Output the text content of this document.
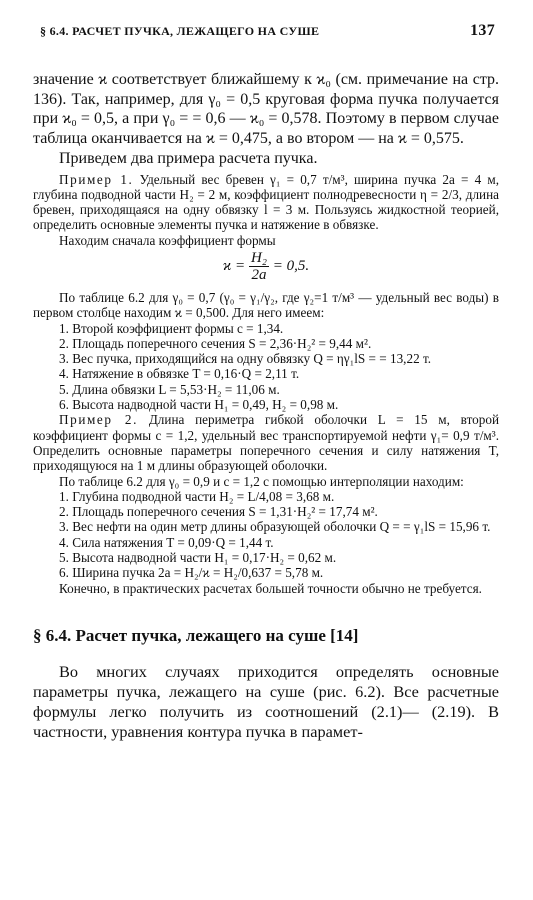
§ 6.4. РАСЧЕТ ПУЧКА, ЛЕЖАЩЕГО НА СУШЕ	137

значение ϰ соответствует ближайшему к ϰ₀ (см. примечание на стр. 136). Так, например, для γ₀ = 0,5 круговая форма пучка получается при ϰ₀ = 0,5, а при γ₀ = = 0,6 — ϰ₀ = 0,578. Поэтому в первом случае таблица оканчивается на ϰ = 0,475, а во втором — на ϰ = 0,575.

Приведем два примера расчета пучка.

Пример 1. Удельный вес бревен γ₁ = 0,7 т/м³, ширина пучка 2a = 4 м, глубина подводной части H₂ = 2 м, коэффициент полнодревесности η = 2/3, длина бревен, приходящаяся на одну обвязку l = 3 м. Пользуясь жидкостной теорией, определить основные элементы пучка и натяжение в обвязке.

Находим сначала коэффициент формы

$ϰ = \frac{\text{H₂}}{2a} = 0,5$.

По таблице 6.2 для γ₀ = 0,7 (γ₀ = γ₁/γ₂, где γ₂=1 т/м³ — удельный вес воды) в первом столбце находим ϰ = 0,500. Для него имеем:

1. Второй коэффициент формы c = 1,34.

2. Площадь поперечного сечения S = 2,36·H₂² = 9,44 м².

3. Вес пучка, приходящийся на одну обвязку Q = ηγ₁lS = = 13,22 т.

4. Натяжение в обвязке T = 0,16·Q = 2,11 т.

5. Длина обвязки L = 5,53·H₂ = 11,06 м.

6. Высота надводной части H₁ = 0,49, H₂ = 0,98 м.

Пример 2. Длина периметра гибкой оболочки L = 15 м, второй коэффициент формы c = 1,2, удельный вес транспортируемой нефти γ₁= 0,9 т/м³. Определить основные параметры поперечного сечения и силу натяжения T, приходящуюся на 1 м длины образующей оболочки.

По таблице 6.2 для γ₀ = 0,9 и c = 1,2 с помощью интерполяции находим:

1. Глубина подводной части H₂ = L/4,08 = 3,68 м.

2. Площадь поперечного сечения S = 1,31·H₂² = 17,74 м².

3. Вес нефти на один метр длины образующей оболочки Q = = γ₁lS = 15,96 т.

4. Сила натяжения T = 0,09·Q = 1,44 т.

5. Высота надводной части H₁ = 0,17·H₂ = 0,62 м.

6. Ширина пучка 2a = H₂/ϰ = H₂/0,637 = 5,78 м.

Конечно, в практических расчетах большей точности обычно не требуется.

§ 6.4. Расчет пучка, лежащего на суше [14]

Во многих случаях приходится определять основные параметры пучка, лежащего на суше (рис. 6.2). Все расчетные формулы легко получить из соотношений (2.1)— (2.19). В частности, уравнения контура пучка в парамет-
